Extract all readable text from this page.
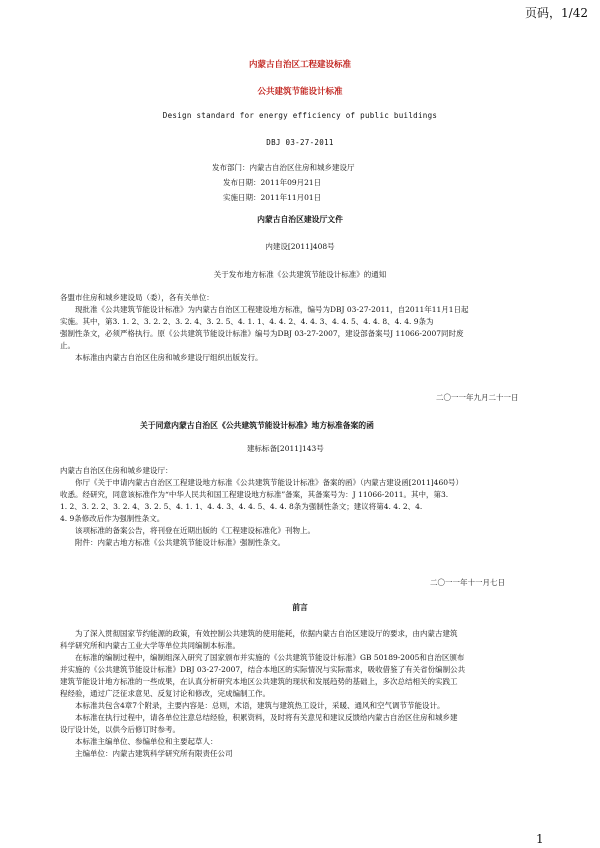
页码，1/42
内蒙古自治区工程建设标准
公共建筑节能设计标准
Design standard for energy efficiency of public buildings
DBJ 03-27-2011
发布部门：内蒙古自治区住房和城乡建设厅
发布日期：2011年09月21日
实施日期：2011年11月01日
内蒙古自治区建设厅文件
内建设[2011]408号
关于发布地方标准《公共建筑节能设计标准》的通知
各盟市住房和城乡建设局（委），各有关单位：
　　现批准《公共建筑节能设计标准》为内蒙古自治区工程建设地方标准，编号为DBJ 03-27-2011，自2011年11月1日起
实施。其中，第3. 1. 2、3. 2. 2、3. 2. 4、3. 2. 5、4. 1. 1、4. 4. 2、4. 4. 3、4. 4. 5、4. 4. 8、4. 4. 9条为
强制性条文，必须严格执行。原《公共建筑节能设计标准》编号为DBJ 03-27-2007，建设部备案号J 11066-2007同时废
止。
　　本标准由内蒙古自治区住房和城乡建设厅组织出版发行。
二〇一一年九月二十一日
关于同意内蒙古自治区《公共建筑节能设计标准》地方标准备案的函
建标标备[2011]143号
内蒙古自治区住房和城乡建设厅：
　　你厅《关于申请内蒙古自治区工程建设地方标准《公共建筑节能设计标准》备案的函》（内蒙古建设函[2011]460号）
收悉。经研究，同意该标准作为“中华人民共和国工程建设地方标准”备案，其备案号为：J 11066-2011。其中，第3.
1. 2、3. 2. 2、3. 2. 4、3. 2. 5、4. 1. 1、4. 4. 3、4. 4. 5、4. 4. 8条为强制性条文；建议将第4. 4. 2、4.
4. 9条修改后作为强制性条文。
　　该项标准的备案公告，将刊登在近期出版的《工程建设标准化》刊物上。
　　附件：内蒙古地方标准《公共建筑节能设计标准》强制性条文。
二〇一一年十一月七日
前言
　　为了深入贯彻国家节约能源的政策，有效控制公共建筑的使用能耗，依据内蒙古自治区建设厅的要求，由内蒙古建筑
科学研究所和内蒙古工业大学等单位共同编制本标准。
　　在标准的编制过程中，编制组深入研究了国家颁布并实施的《公共建筑节能设计标准》GB 50189-2005和自治区颁布
并实施的《公共建筑节能设计标准》DBJ 03-27-2007，结合本地区的实际情况与实际需求，吸收借鉴了有关省份编制公共
建筑节能设计地方标准的一些成果，在认真分析研究本地区公共建筑的现状和发展趋势的基础上，多次总结相关的实践工
程经验，通过广泛征求意见、反复讨论和修改，完成编制工作。
　　本标准共包含4章7个附录，主要内容是：总则，术语，建筑与建筑热工设计，采暖、通风和空气调节节能设计。
　　本标准在执行过程中，请各单位注意总结经验，积累资料，及时将有关意见和建议反馈给内蒙古自治区住房和城乡建
设厅设计处，以供今后修订时参考。
　　本标准主编单位、参编单位和主要起草人：
　　主编单位：内蒙古建筑科学研究所有限责任公司
1
